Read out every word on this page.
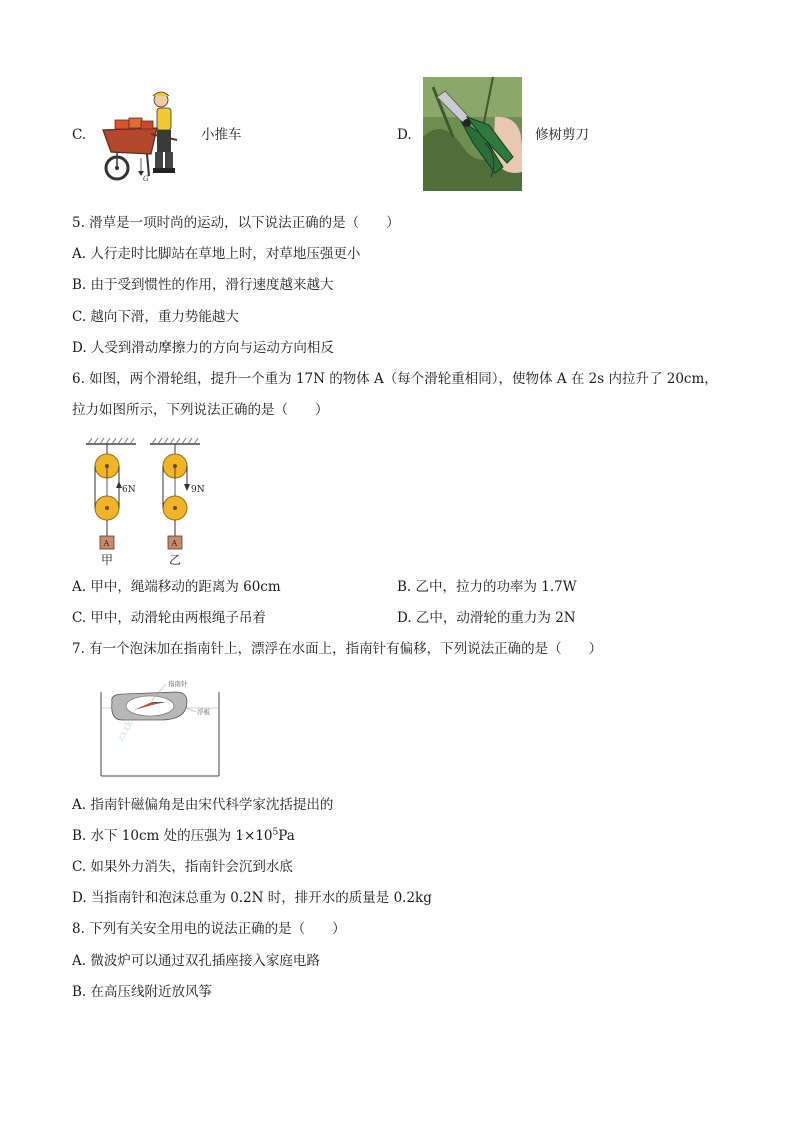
C.
G
小推车	D.	修树剪刀
5. 滑草是一项时尚的运动，以下说法正确的是（　　）
A. 人行走时比脚站在草地上时，对草地压强更小
B. 由于受到惯性的作用，滑行速度越来越大
C. 越向下滑，重力势能越大
D. 人受到滑动摩擦力的方向与运动方向相反
6. 如图，两个滑轮组，提升一个重为 17N 的物体 A（每个滑轮重相同），使物体 A 在 2s 内拉升了 20cm，
拉力如图所示，下列说法正确的是（　　）
6N
A
甲
9N
A
乙
A. 甲中，绳端移动的距离为 60cm	B. 乙中，拉力的功率为 1.7W
C. 甲中，动滑轮由两根绳子吊着	D. 乙中，动滑轮的重力为 2N
7. 有一个泡沫加在指南针上，漂浮在水面上，指南针有偏移，下列说法正确的是（　　）
zxxk
指南针
浮板
A. 指南针磁偏角是由宋代科学家沈括提出的
B. 水下 10cm 处的压强为 $1\times 10^5Pa$
C. 如果外力消失，指南针会沉到水底
D. 当指南针和泡沫总重为 0.2N 时，排开水的质量是 0.2kg
8. 下列有关安全用电的说法正确的是（　　）
A. 微波炉可以通过双孔插座接入家庭电路
B. 在高压线附近放风筝
